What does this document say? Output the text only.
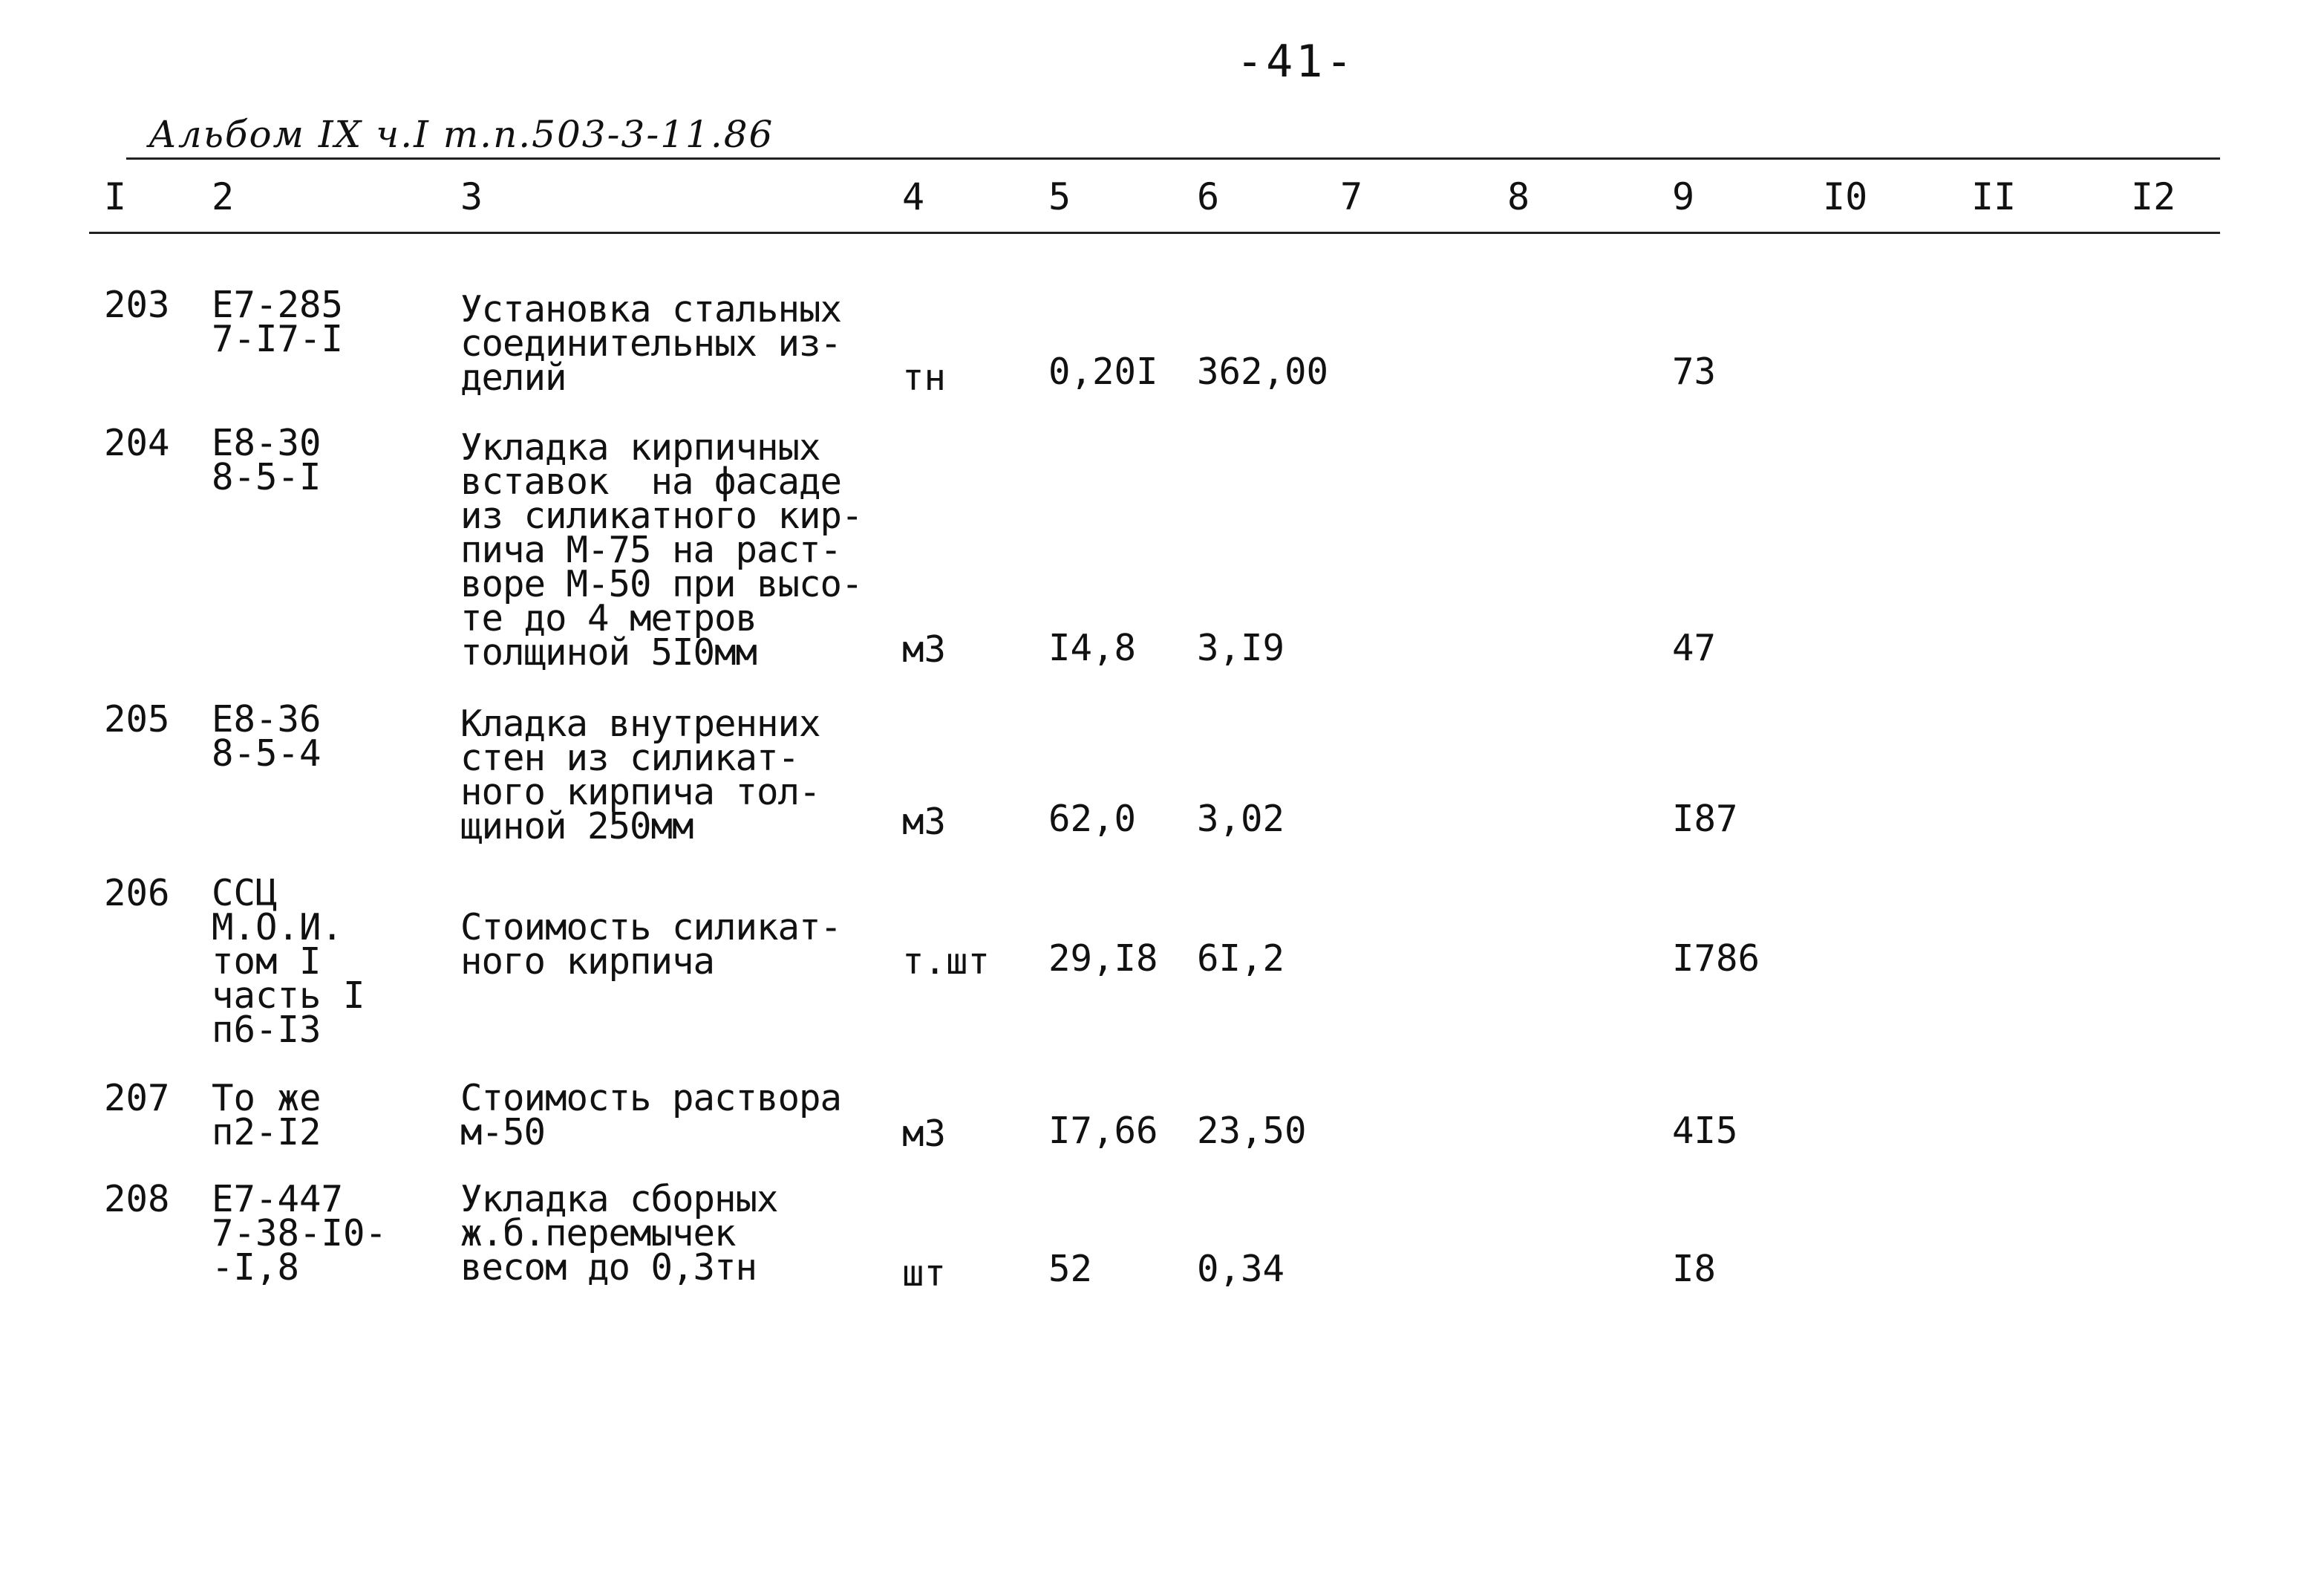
-41-
Альбом IX ч.I т.п.503-3-11.86
I 2	3	4	5	6	7	8	9	I0	II	I2
203 Е7-285
7-I7-I
Установка стальных
соединительных из-
делий	тн	0,20I 362,00	73
204 Е8-30
8-5-I
Укладка кирпичных
вставок  на фасаде
из силикатного кир-
пича М-75 на раст-
воре М-50 при высо-
те до 4 метров
толщиной 5I0мм	м3	I4,8 3,I9	47
205 Е8-36
8-5-4
Кладка внутренних
стен из силикат-
ного кирпича тол-
щиной 250мм	м3	62,0 3,02	I87
206 ССЦ
М.О.И.
том I
часть I
п6-I3
Стоимость силикат-
ного кирпича	т.шт 29,I8 6I,2	I786
207 То же
п2-I2
Стоимость раствора
м-50	м3	I7,66 23,50	4I5
208 Е7-447
7-38-I0-
-I,8
Укладка сборных
ж.б.перемычек
весом до 0,3тн	шт	52	0,34	I8
